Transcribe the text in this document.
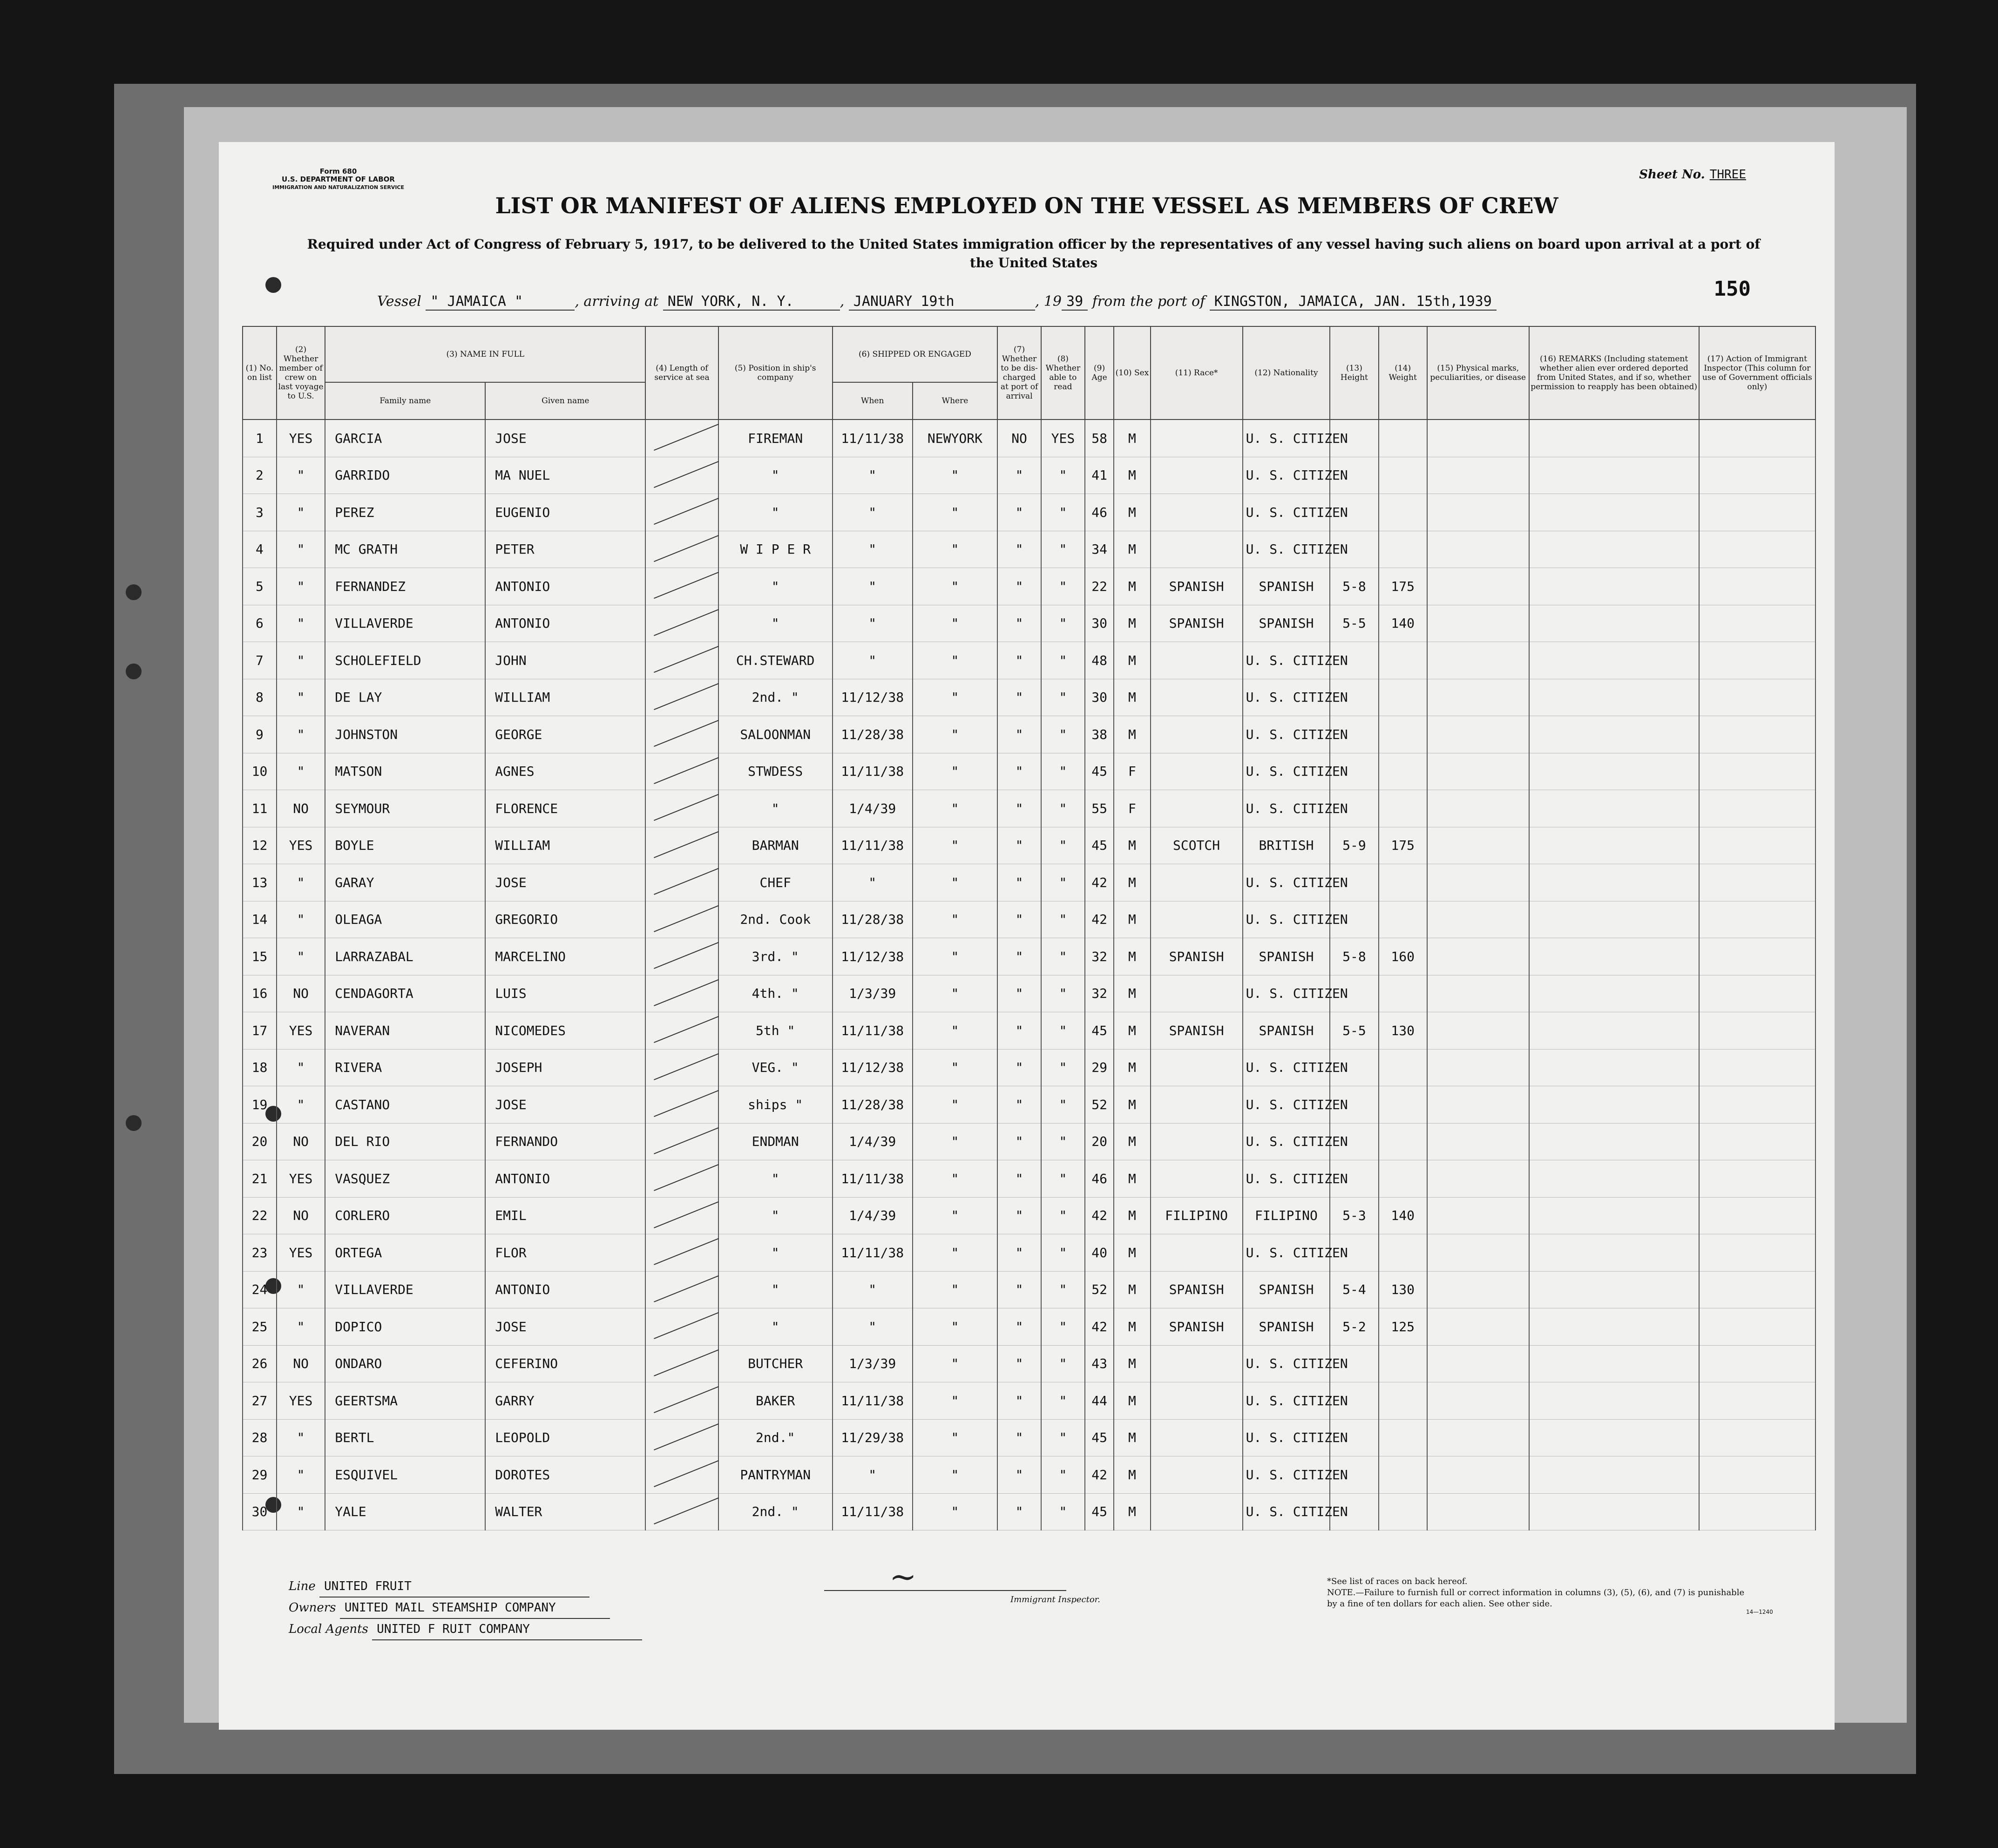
Form 680
U.S. DEPARTMENT OF LABOR
IMMIGRATION AND NATURALIZATION SERVICE
Sheet No. THREE
LIST OR MANIFEST OF ALIENS EMPLOYED ON THE VESSEL AS MEMBERS OF CREW
Required under Act of Congress of February 5, 1917, to be delivered to the United States immigration officer by the representatives of any vessel having such aliens on board upon arrival at a port of the United States
150
Vessel " JAMAICA "	, arriving at NEW YORK, N. Y.	, JANUARY 19th	, 19 39 from the port of KINGSTON, JAMAICA, JAN. 15th,1939
(1) No. on list	(2) Whether member of crew on last voyage to U.S.	(3) NAME IN FULL		(4) Length of service at sea	(5) Position in ship's company	(6) SHIPPED OR ENGAGED		(7) Whether to be dis-charged at port of arrival	(8) Whether able to read	(9) Age	(10) Sex	(11) Race*	(12) Nationality	(13) Height	(14) Weight	(15) Physical marks, peculiarities, or disease	(16) REMARKS (Including statement whether alien ever ordered deported from United States, and if so, whether permission to reapply has been obtained)	(17) Action of Immigrant Inspector (This column for use of Government officials only)
		Family name	Given name			When	Where											
1	YES	GARCIA	JOSE		FIREMAN	11/11/38	NEWYORK	NO	YES	58	M		U. S. CITIZEN					
2	"	GARRIDO	MA NUEL		"	"	"	"	"	41	M		U. S. CITIZEN					
3	"	PEREZ	EUGENIO		"	"	"	"	"	46	M		U. S. CITIZEN					
4	"	MC GRATH	PETER		W I P E R	"	"	"	"	34	M		U. S. CITIZEN					
5	"	FERNANDEZ	ANTONIO		"	"	"	"	"	22	M	SPANISH	SPANISH	5-8	175			
6	"	VILLAVERDE	ANTONIO		"	"	"	"	"	30	M	SPANISH	SPANISH	5-5	140			
7	"	SCHOLEFIELD	JOHN		CH.STEWARD	"	"	"	"	48	M		U. S. CITIZEN					
8	"	DE LAY	WILLIAM		2nd. "	11/12/38	"	"	"	30	M		U. S. CITIZEN					
9	"	JOHNSTON	GEORGE		SALOONMAN	11/28/38	"	"	"	38	M		U. S. CITIZEN					
10	"	MATSON	AGNES		STWDESS	11/11/38	"	"	"	45	F		U. S. CITIZEN					
11	NO	SEYMOUR	FLORENCE		"	1/4/39	"	"	"	55	F		U. S. CITIZEN					
12	YES	BOYLE	WILLIAM		BARMAN	11/11/38	"	"	"	45	M	SCOTCH	BRITISH	5-9	175			
13	"	GARAY	JOSE		CHEF	"	"	"	"	42	M		U. S. CITIZEN					
14	"	OLEAGA	GREGORIO		2nd. Cook	11/28/38	"	"	"	42	M		U. S. CITIZEN					
15	"	LARRAZABAL	MARCELINO		3rd. "	11/12/38	"	"	"	32	M	SPANISH	SPANISH	5-8	160			
16	NO	CENDAGORTA	LUIS		4th. "	1/3/39	"	"	"	32	M		U. S. CITIZEN					
17	YES	NAVERAN	NICOMEDES		5th "	11/11/38	"	"	"	45	M	SPANISH	SPANISH	5-5	130			
18	"	RIVERA	JOSEPH		VEG. "	11/12/38	"	"	"	29	M		U. S. CITIZEN					
19	"	CASTANO	JOSE		ships "	11/28/38	"	"	"	52	M		U. S. CITIZEN					
20	NO	DEL RIO	FERNANDO		ENDMAN	1/4/39	"	"	"	20	M		U. S. CITIZEN					
21	YES	VASQUEZ	ANTONIO		"	11/11/38	"	"	"	46	M		U. S. CITIZEN					
22	NO	CORLERO	EMIL		"	1/4/39	"	"	"	42	M	FILIPINO	FILIPINO	5-3	140			
23	YES	ORTEGA	FLOR		"	11/11/38	"	"	"	40	M		U. S. CITIZEN					
24	"	VILLAVERDE	ANTONIO		"	"	"	"	"	52	M	SPANISH	SPANISH	5-4	130			
25	"	DOPICO	JOSE		"	"	"	"	"	42	M	SPANISH	SPANISH	5-2	125			
26	NO	ONDARO	CEFERINO		BUTCHER	1/3/39	"	"	"	43	M		U. S. CITIZEN					
27	YES	GEERTSMA	GARRY		BAKER	11/11/38	"	"	"	44	M		U. S. CITIZEN					
28	"	BERTL	LEOPOLD		2nd."	11/29/38	"	"	"	45	M		U. S. CITIZEN					
29	"	ESQUIVEL	DOROTES		PANTRYMAN	"	"	"	"	42	M		U. S. CITIZEN					
30	"	YALE	WALTER		2nd. "	11/11/38	"	"	"	45	M		U. S. CITIZEN					
~
Immigrant Inspector.
Line UNITED FRUIT
Owners UNITED MAIL STEAMSHIP COMPANY
Local Agents UNITED F RUIT COMPANY
*See list of races on back hereof.
NOTE.—Failure to furnish full or correct information in columns (3), (5), (6), and (7) is punishable by a fine of ten dollars for each alien. See other side.
14—1240
